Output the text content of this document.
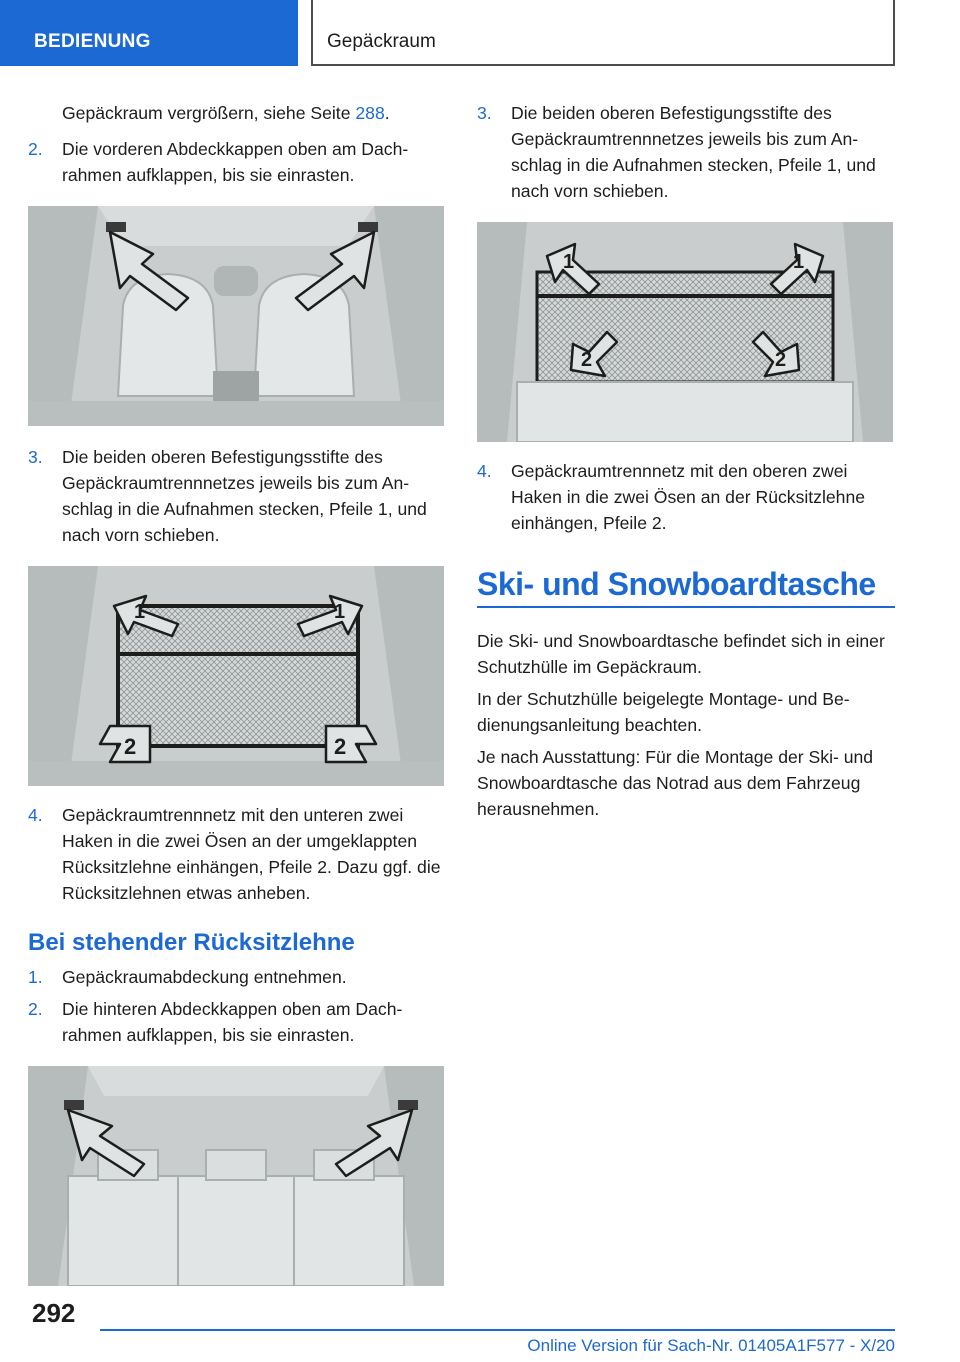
BEDIENUNG	Gepäckraum

Gepäckraum vergrößern, siehe Seite 288.

2.	Die vorderen Abdeckkappen oben am Dach-rahmen aufklappen, bis sie einrasten.
3.	Die beiden oberen Befestigungsstifte des Gepäckraumtrennnetzes jeweils bis zum An-schlag in die Aufnahmen stecken, Pfeile 1, und nach vorn schieben.
1	1
2	2
4.	Gepäckraumtrennnetz mit den unteren zwei Haken in die zwei Ösen an der umgeklappten Rücksitzlehne einhängen, Pfeile 2. Dazu ggf. die Rücksitzlehnen etwas anheben.
Bei stehender Rücksitzlehne
1.	Gepäckraumabdeckung entnehmen.
2.	Die hinteren Abdeckkappen oben am Dach-rahmen aufklappen, bis sie einrasten.
3.	Die beiden oberen Befestigungsstifte des Gepäckraumtrennnetzes jeweils bis zum An-schlag in die Aufnahmen stecken, Pfeile 1, und nach vorn schieben.
1	1
2	2
4.	Gepäckraumtrennnetz mit den oberen zwei Haken in die zwei Ösen an der Rücksitzlehne einhängen, Pfeile 2.
Ski- und Snowboardtasche

Die Ski- und Snowboardtasche befindet sich in einer Schutzhülle im Gepäckraum.

In der Schutzhülle beigelegte Montage- und Be-dienungsanleitung beachten.

Je nach Ausstattung: Für die Montage der Ski- und Snowboardtasche das Notrad aus dem Fahrzeug herausnehmen.

292
Online Version für Sach-Nr. 01405A1F577 - X/20
